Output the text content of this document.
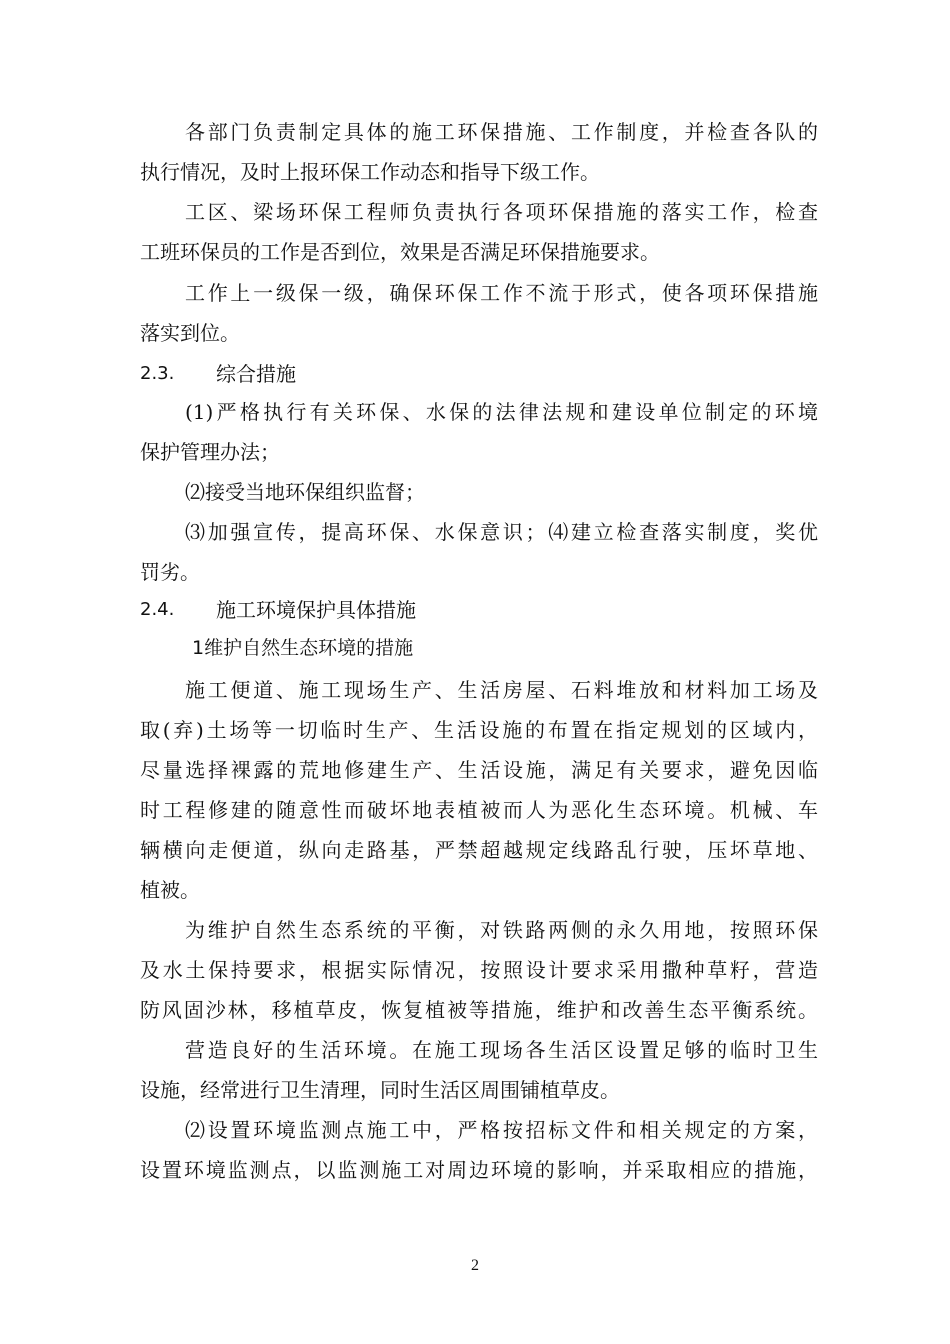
各部门负责制定具体的施工环保措施、工作制度，并检查各队的
执行情况，及时上报环保工作动态和指导下级工作。
工区、梁场环保工程师负责执行各项环保措施的落实工作，检查
工班环保员的工作是否到位，效果是否满足环保措施要求。
工作上一级保一级，确保环保工作不流于形式，使各项环保措施
落实到位。
2.3. 综合措施
(1)严格执行有关环保、水保的法律法规和建设单位制定的环境
保护管理办法；
⑵接受当地环保组织监督；
⑶加强宣传，提高环保、水保意识；⑷建立检查落实制度，奖优
罚劣。
2.4. 施工环境保护具体措施
1维护自然生态环境的措施
施工便道、施工现场生产、生活房屋、石料堆放和材料加工场及
取(弃)土场等一切临时生产、生活设施的布置在指定规划的区域内，
尽量选择裸露的荒地修建生产、生活设施，满足有关要求，避免因临
时工程修建的随意性而破坏地表植被而人为恶化生态环境。机械、车
辆横向走便道，纵向走路基，严禁超越规定线路乱行驶，压坏草地、
植被。
为维护自然生态系统的平衡，对铁路两侧的永久用地，按照环保
及水土保持要求，根据实际情况，按照设计要求采用撒种草籽，营造
防风固沙林，移植草皮，恢复植被等措施，维护和改善生态平衡系统。
营造良好的生活环境。在施工现场各生活区设置足够的临时卫生
设施，经常进行卫生清理，同时生活区周围铺植草皮。
⑵设置环境监测点施工中，严格按招标文件和相关规定的方案，
设置环境监测点，以监测施工对周边环境的影响，并采取相应的措施，
2
